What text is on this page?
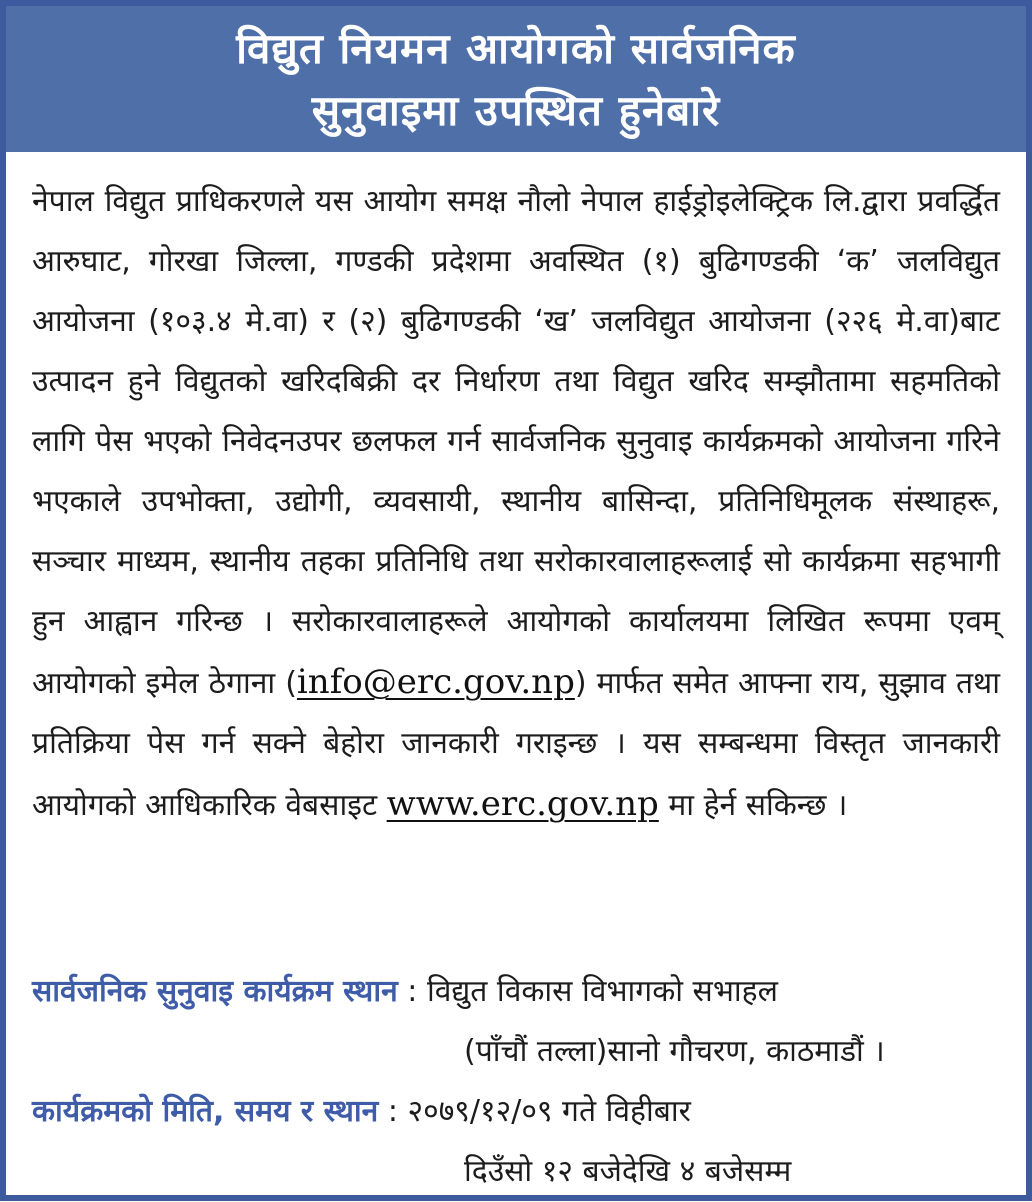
विद्युत नियमन आयोगको सार्वजनिक
सुनुवाइमा उपस्थित हुनेबारे

नेपाल विद्युत प्राधिकरणले यस आयोग समक्ष नौलो नेपाल हाईड्रोइलेक्ट्रिक लि.द्वारा प्रवर्द्धित आरुघाट, गोरखा जिल्ला, गण्डकी प्रदेशमा अवस्थित (१) बुढिगण्डकी ‘क’ जलविद्युत आयोजना (१०३.४ मे.वा) र (२) बुढिगण्डकी ‘ख’ जलविद्युत आयोजना (२२६ मे.वा)बाट उत्पादन हुने विद्युतको खरिदबिक्री दर निर्धारण तथा विद्युत खरिद सम्झौतामा सहमतिको लागि पेस भएको निवेदनउपर छलफल गर्न सार्वजनिक सुनुवाइ कार्यक्रमको आयोजना गरिने भएकाले उपभोक्ता, उद्योगी, व्यवसायी, स्थानीय बासिन्दा, प्रतिनिधिमूलक संस्थाहरू, सञ्चार माध्यम, स्थानीय तहका प्रतिनिधि तथा सरोकारवालाहरूलाई सो कार्यक्रमा सहभागी हुन आह्वान गरिन्छ । सरोकारवालाहरूले आयोगको कार्यालयमा लिखित रूपमा एवम् आयोगको इमेल ठेगाना (info@erc.gov.np) मार्फत समेत आफ्ना राय, सुझाव तथा प्रतिक्रिया पेस गर्न सक्ने बेहोरा जानकारी गराइन्छ । यस सम्बन्धमा विस्तृत जानकारी आयोगको आधिकारिक वेबसाइट www.erc.gov.np मा हेर्न सकिन्छ ।

सार्वजनिक सुनुवाइ कार्यक्रम स्थान : विद्युत विकास विभागको सभाहल
(पाँचौं तल्ला)सानो गौचरण, काठमाडौं ।
कार्यक्रमको मिति, समय र स्थान : २०७९/१२/०९ गते विहीबार
दिउँसो १२ बजेदेखि ४ बजेसम्म
